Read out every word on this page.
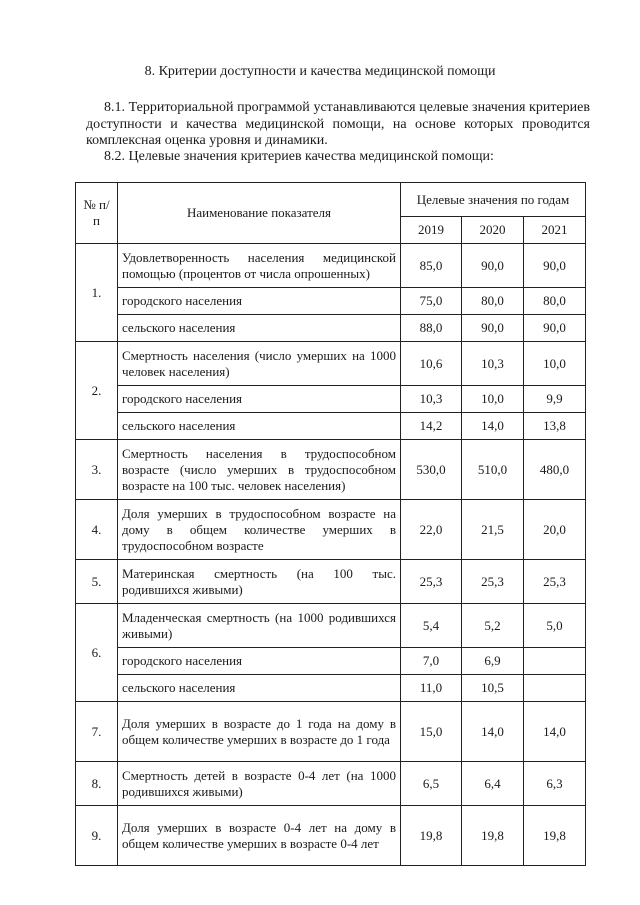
8. Критерии доступности и качества медицинской помощи
8.1. Территориальной программой устанавливаются целевые значения критериев доступности и качества медицинской помощи, на основе которых проводится комплексная оценка уровня и динамики.
8.2. Целевые значения критериев качества медицинской помощи:
№ п/п	Наименование показателя	Целевые значения по годам		
		2019	2020	2021
1.	Удовлетворенность населения медицинской помощью (процентов от числа опрошенных)	85,0	90,0	90,0
	городского населения	75,0	80,0	80,0
	сельского населения	88,0	90,0	90,0
2.	Смертность населения (число умерших на 1000 человек населения)	10,6	10,3	10,0
	городского населения	10,3	10,0	9,9
	сельского населения	14,2	14,0	13,8
3.	Смертность населения в трудоспособном возрасте (число умерших в трудоспособном возрасте на 100 тыс. человек населения)	530,0	510,0	480,0
4.	Доля умерших в трудоспособном возрасте на дому в общем количестве умерших в трудоспособном возрасте	22,0	21,5	20,0
5.	Материнская смертность (на 100 тыс. родившихся живыми)	25,3	25,3	25,3
6.	Младенческая смертность (на 1000 родившихся живыми)	5,4	5,2	5,0
	городского населения	7,0	6,9	
	сельского населения	11,0	10,5	
7.	Доля умерших в возрасте до 1 года на дому в общем количестве умерших в возрасте до 1 года	15,0	14,0	14,0
8.	Смертность детей в возрасте 0-4 лет (на 1000 родившихся живыми)	6,5	6,4	6,3
9.	Доля умерших в возрасте 0-4 лет на дому в общем количестве умерших в возрасте 0-4 лет	19,8	19,8	19,8
